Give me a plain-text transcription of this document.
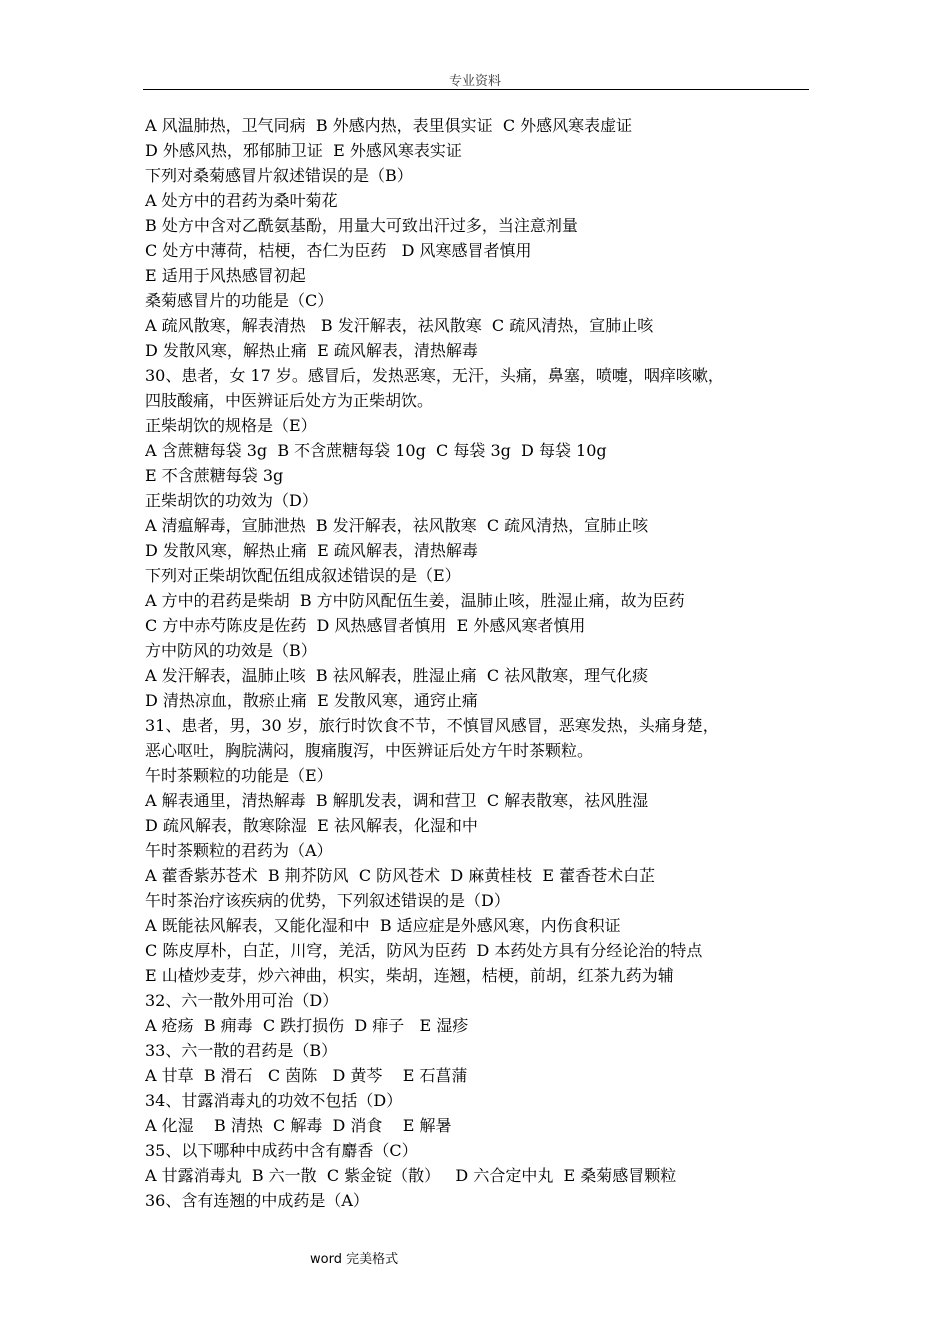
专业资料
A 风温肺热，卫气同病  B 外感内热，表里俱实证  C 外感风寒表虚证
D 外感风热，邪郁肺卫证  E 外感风寒表实证
下列对桑菊感冒片叙述错误的是（B）
A 处方中的君药为桑叶菊花
B 处方中含对乙酰氨基酚，用量大可致出汗过多，当注意剂量
C 处方中薄荷，桔梗，杏仁为臣药   D 风寒感冒者慎用
E 适用于风热感冒初起
桑菊感冒片的功能是（C）
A 疏风散寒，解表清热   B 发汗解表，祛风散寒  C 疏风清热，宣肺止咳
D 发散风寒，解热止痛  E 疏风解表，清热解毒
30、患者，女 17 岁。感冒后，发热恶寒，无汗，头痛，鼻塞，喷嚏，咽痒咳嗽，
四肢酸痛，中医辨证后处方为正柴胡饮。
正柴胡饮的规格是（E）
A 含蔗糖每袋 3g  B 不含蔗糖每袋 10g  C 每袋 3g  D 每袋 10g
E 不含蔗糖每袋 3g
正柴胡饮的功效为（D）
A 清瘟解毒，宣肺泄热  B 发汗解表，祛风散寒  C 疏风清热，宣肺止咳
D 发散风寒，解热止痛  E 疏风解表，清热解毒
下列对正柴胡饮配伍组成叙述错误的是（E）
A 方中的君药是柴胡  B 方中防风配伍生姜，温肺止咳，胜湿止痛，故为臣药
C 方中赤芍陈皮是佐药  D 风热感冒者慎用  E 外感风寒者慎用
方中防风的功效是（B）
A 发汗解表，温肺止咳  B 祛风解表，胜湿止痛  C 祛风散寒，理气化痰
D 清热凉血，散瘀止痛  E 发散风寒，通窍止痛
31、患者，男，30 岁，旅行时饮食不节，不慎冒风感冒，恶寒发热，头痛身楚，
恶心呕吐，胸脘满闷，腹痛腹泻，中医辨证后处方午时茶颗粒。
午时茶颗粒的功能是（E）
A 解表通里，清热解毒  B 解肌发表，调和营卫  C 解表散寒，祛风胜湿
D 疏风解表，散寒除湿  E 祛风解表，化湿和中
午时茶颗粒的君药为（A）
A 藿香紫苏苍术  B 荆芥防风  C 防风苍术  D 麻黄桂枝  E 藿香苍术白芷
午时茶治疗该疾病的优势，下列叙述错误的是（D）
A 既能祛风解表，又能化湿和中  B 适应症是外感风寒，内伤食积证
C 陈皮厚朴，白芷，川穹，羌活，防风为臣药  D 本药处方具有分经论治的特点
E 山楂炒麦芽，炒六神曲，枳实，柴胡，连翘，桔梗，前胡，红茶九药为辅
32、六一散外用可治（D）
A 疮疡  B 痈毒  C 跌打损伤  D 痱子   E 湿疹
33、六一散的君药是（B）
A 甘草  B 滑石   C 茵陈   D 黄芩    E 石菖蒲
34、甘露消毒丸的功效不包括（D）
A 化湿    B 清热  C 解毒  D 消食    E 解暑
35、以下哪种中成药中含有麝香（C）
A 甘露消毒丸  B 六一散  C 紫金锭（散）   D 六合定中丸  E 桑菊感冒颗粒
36、含有连翘的中成药是（A）
word 完美格式
